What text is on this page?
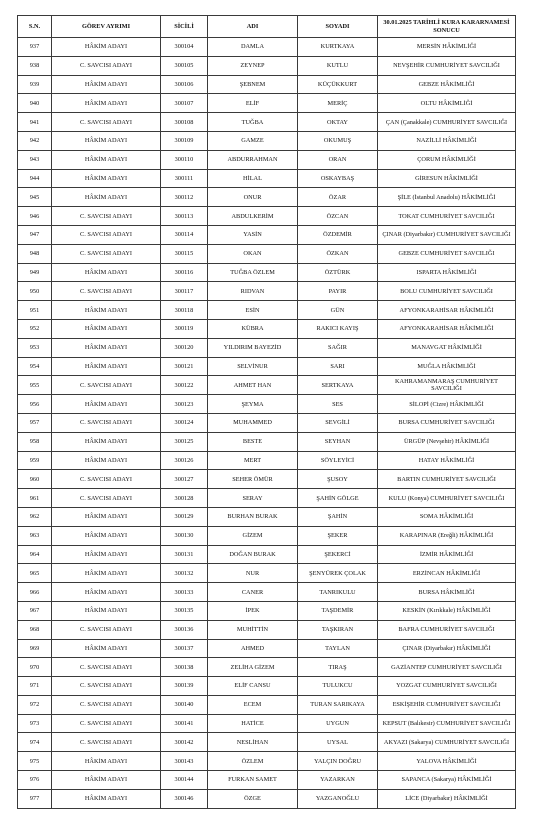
S.N.	GÖREV AYRIMI	SİCİLİ	ADI	SOYADI	30.01.2025 TARİHLİ KURA KARARNAMESİ SONUCU
937	HÂKİM ADAYI	300104	DAMLA	KURTKAYA	MERSİN HÂKİMLİĞİ
938	C. SAVCISI ADAYI	300105	ZEYNEP	KUTLU	NEVŞEHİR CUMHURİYET SAVCILIĞI
939	HÂKİM ADAYI	300106	ŞEBNEM	KÜÇÜKKURT	GEBZE HÂKİMLİĞİ
940	HÂKİM ADAYI	300107	ELİF	MERİÇ	OLTU HÂKİMLİĞİ
941	C. SAVCISI ADAYI	300108	TUĞBA	OKTAY	ÇAN (Çanakkale) CUMHURİYET SAVCILIĞI
942	HÂKİM ADAYI	300109	GAMZE	OKUMUŞ	NAZİLLİ HÂKİMLİĞİ
943	HÂKİM ADAYI	300110	ABDURRAHMAN	ORAN	ÇORUM HÂKİMLİĞİ
944	HÂKİM ADAYI	300111	HİLAL	OSKAYBAŞ	GİRESUN HÂKİMLİĞİ
945	HÂKİM ADAYI	300112	ONUR	ÖZAR	ŞİLE (İstanbul Anadolu) HÂKİMLİĞİ
946	C. SAVCISI ADAYI	300113	ABDULKERİM	ÖZCAN	TOKAT CUMHURİYET SAVCILIĞI
947	C. SAVCISI ADAYI	300114	YASİN	ÖZDEMİR	ÇINAR (Diyarbakır) CUMHURİYET SAVCILIĞI
948	C. SAVCISI ADAYI	300115	OKAN	ÖZKAN	GEBZE CUMHURİYET SAVCILIĞI
949	HÂKİM ADAYI	300116	TUĞBA ÖZLEM	ÖZTÜRK	ISPARTA HÂKİMLİĞİ
950	C. SAVCISI ADAYI	300117	RIDVAN	PAYIR	BOLU CUMHURİYET SAVCILIĞI
951	HÂKİM ADAYI	300118	ESİN	GÜN	AFYONKARAHİSAR HÂKİMLİĞİ
952	HÂKİM ADAYI	300119	KÜBRA	RAKICI KAYIŞ	AFYONKARAHİSAR HÂKİMLİĞİ
953	HÂKİM ADAYI	300120	YILDIRIM BAYEZİD	SAĞIR	MANAVGAT HÂKİMLİĞİ
954	HÂKİM ADAYI	300121	SELVİNUR	SARI	MUĞLA HÂKİMLİĞİ
955	C. SAVCISI ADAYI	300122	AHMET HAN	SERTKAYA	KAHRAMANMARAŞ CUMHURİYET SAVCILIĞI
956	HÂKİM ADAYI	300123	ŞEYMA	SES	SİLOPİ (Cizre) HÂKİMLİĞİ
957	C. SAVCISI ADAYI	300124	MUHAMMED	SEVGİLİ	BURSA CUMHURİYET SAVCILIĞI
958	HÂKİM ADAYI	300125	BESTE	SEYHAN	ÜRGÜP (Nevşehir) HÂKİMLİĞİ
959	HÂKİM ADAYI	300126	MERT	SÖYLEYİCİ	HATAY HÂKİMLİĞİ
960	C. SAVCISI ADAYI	300127	SEHER ÖMÜR	ŞUSOY	BARTIN CUMHURİYET SAVCILIĞI
961	C. SAVCISI ADAYI	300128	SERAY	ŞAHİN GÖLGE	KULU (Konya) CUMHURİYET SAVCILIĞI
962	HÂKİM ADAYI	300129	BURHAN BURAK	ŞAHİN	SOMA HÂKİMLİĞİ
963	HÂKİM ADAYI	300130	GİZEM	ŞEKER	KARAPINAR (Ereğli) HÂKİMLİĞİ
964	HÂKİM ADAYI	300131	DOĞAN BURAK	ŞEKERCİ	İZMİR HÂKİMLİĞİ
965	HÂKİM ADAYI	300132	NUR	ŞENYÜREK ÇOLAK	ERZİNCAN HÂKİMLİĞİ
966	HÂKİM ADAYI	300133	CANER	TANRIKULU	BURSA HÂKİMLİĞİ
967	HÂKİM ADAYI	300135	İPEK	TAŞDEMİR	KESKİN (Kırıkkale) HÂKİMLİĞİ
968	C. SAVCISI ADAYI	300136	MUHİTTİN	TAŞKIRAN	BAFRA CUMHURİYET SAVCILIĞI
969	HÂKİM ADAYI	300137	AHMED	TAYLAN	ÇINAR (Diyarbakır) HÂKİMLİĞİ
970	C. SAVCISI ADAYI	300138	ZELİHA GİZEM	TIRAŞ	GAZİANTEP CUMHURİYET SAVCILIĞI
971	C. SAVCISI ADAYI	300139	ELİF CANSU	TULUKCU	YOZGAT CUMHURİYET SAVCILIĞI
972	C. SAVCISI ADAYI	300140	ECEM	TURAN SARIKAYA	ESKİŞEHİR CUMHURİYET SAVCILIĞI
973	C. SAVCISI ADAYI	300141	HATİCE	UYGUN	KEPSUT (Balıkesir) CUMHURİYET SAVCILIĞI
974	C. SAVCISI ADAYI	300142	NESLİHAN	UYSAL	AKYAZI (Sakarya) CUMHURİYET SAVCILIĞI
975	HÂKİM ADAYI	300143	ÖZLEM	YALÇIN DOĞRU	YALOVA HÂKİMLİĞİ
976	HÂKİM ADAYI	300144	FURKAN SAMET	YAZARKAN	SAPANCA (Sakarya) HÂKİMLİĞİ
977	HÂKİM ADAYI	300146	ÖZGE	YAZGANOĞLU	LİCE (Diyarbakır) HÂKİMLİĞİ
